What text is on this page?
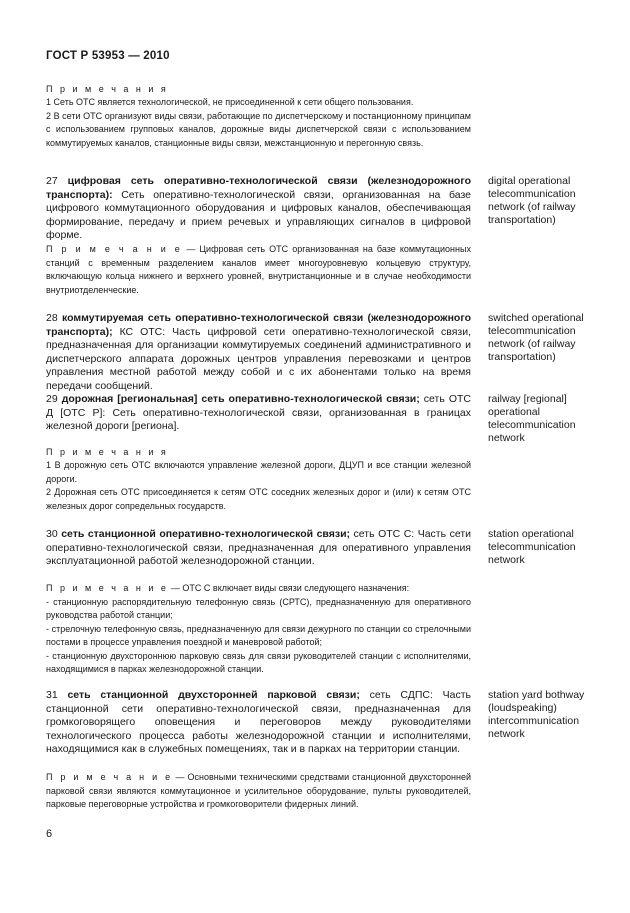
ГОСТ Р 53953 — 2010

П р и м е ч а н и я

1 Сеть ОТС является технологической, не присоединенной к сети общего пользования.

2 В сети ОТС организуют виды связи, работающие по диспетчерскому и постанционному принципам с использованием групповых каналов, дорожные виды диспетчерской связи с использованием коммутируемых каналов, станционные виды связи, межстанционную и перегонную связь.

27 цифровая сеть оперативно-технологической связи (железнодорожного транспорта): Сеть оперативно-технологической связи, организованная на базе цифрового коммутационного оборудования и цифровых каналов, обеспечивающая формирование, передачу и прием речевых и управляющих сигналов в цифровой форме.

digital operational telecommunication network (of railway transportation)

П р и м е ч а н и е — Цифровая сеть ОТС организованная на базе коммутационных станций с временным разделением каналов имеет многоуровневую кольцевую структуру, включающую кольца нижнего и верхнего уровней, внутристанционные и в случае необходимости внутриотделенческие.

28 коммутируемая сеть оперативно-технологической связи (железнодорожного транспорта); КС ОТС: Часть цифровой сети оперативно-технологической связи, предназначенная для организации коммутируемых соединений административного и диспетчерского аппарата дорожных центров управления перевозками и центров управления местной работой между собой и с их абонентами только на время передачи сообщений.

switched operational telecommunication network (of railway transportation)

29 дорожная [региональная] сеть оперативно-технологической связи; сеть ОТС Д [ОТС Р]: Сеть оперативно-технологической связи, организованная в границах железной дороги [региона].

railway [regional] operational telecommunication network

П р и м е ч а н и я

1 В дорожную сеть ОТС включаются управление железной дороги, ДЦУП и все станции железной дороги.

2 Дорожная сеть ОТС присоединяется к сетям ОТС соседних железных дорог и (или) к сетям ОТС железных дорог сопредельных государств.

30 сеть станционной оперативно-технологической связи; сеть ОТС С: Часть сети оперативно-технологической связи, предназначенная для оперативного управления эксплуатационной работой железнодорожной станции.

station operational telecommunication network

П р и м е ч а н и е — ОТС С включает виды связи следующего назначения:

- станционную распорядительную телефонную связь (СРТС), предназначенную для оперативного руководства работой станции;

- стрелочную телефонную связь, предназначенную для связи дежурного по станции со стрелочными постами в процессе управления поездной и маневровой работой;

- станционную двухстороннюю парковую связь для связи руководителей станции с исполнителями, находящимися в парках железнодорожной станции.

31 сеть станционной двухсторонней парковой связи; сеть СДПС: Часть станционной сети оперативно-технологической связи, предназначенная для громкоговорящего оповещения и переговоров между руководителями технологического процесса работы железнодорожной станции и исполнителями, находящимися как в служебных помещениях, так и в парках на территории станции.

station yard bothway (loudspeaking) intercommunication network

П р и м е ч а н и е — Основными техническими средствами станционной двухсторонней парковой связи являются коммутационное и усилительное оборудование, пульты руководителей, парковые переговорные устройства и громкоговорители фидерных линий.

6
